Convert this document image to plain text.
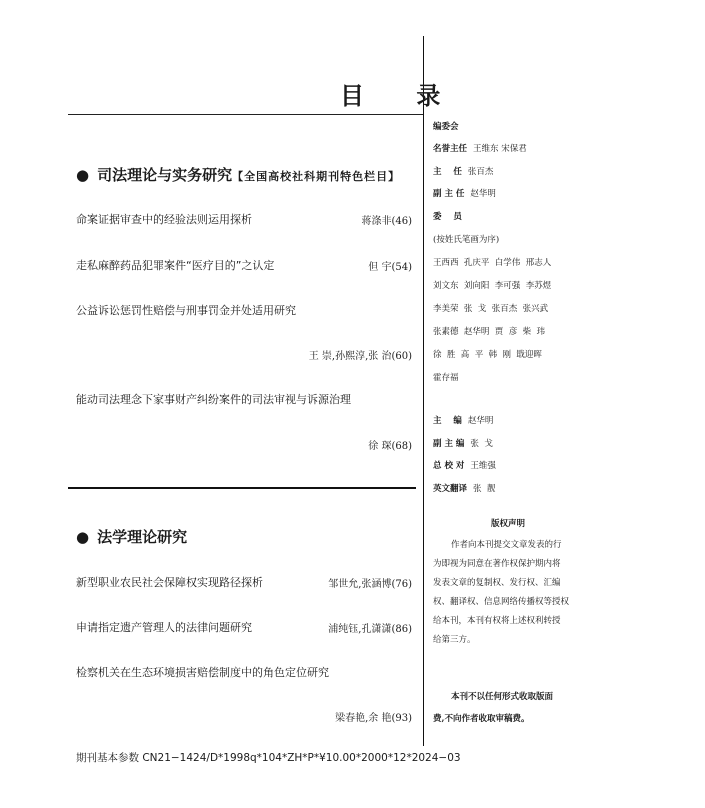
目 录
● 司法理论与实务研究【全国高校社科期刊特色栏目】
命案证据审查中的经验法则运用探析	蒋涤非(46)
走私麻醉药品犯罪案件“医疗目的”之认定	但 宇(54)
公益诉讼惩罚性赔偿与刑事罚金并处适用研究
王 崇,孙熙淳,张 治(60)
能动司法理念下家事财产纠纷案件的司法审视与诉源治理
徐 琛(68)
● 法学理论研究
新型职业农民社会保障权实现路径探析	邹世允,张涵博(76)
申请指定遗产管理人的法律问题研究	浦纯钰,孔潇潇(86)
检察机关在生态环境损害赔偿制度中的角色定位研究
梁春艳,余 艳(93)
期刊基本参数 CN21−1424/D*1998q*104*ZH*P*¥10.00*2000*12*2024−03
编委会
名誉主任 王维东 宋保君
主    任 张百杰
副 主 任 赵华明
委    员
(按姓氏笔画为序)
王西西  孔庆平  白学伟  邢志人
刘文东  刘向阳  李可强  李苏煜
李美荣  张  戈  张百杰  张兴武
张素德  赵华明  贾  彦  柴  玮
徐  胜  高  平  韩  刚  戢迎晖
霍存福
主    编 赵华明
副 主 编 张  戈
总 校 对 王维强
英文翻译 张  靓
版权声明
作者向本刊提交文章发表的行
为即视为同意在著作权保护期内将
发表文章的复制权、发行权、汇编
权、翻译权、信息网络传播权等授权
给本刊，本刊有权将上述权利转授
给第三方。
本刊不以任何形式收取版面
费,不向作者收取审稿费。
